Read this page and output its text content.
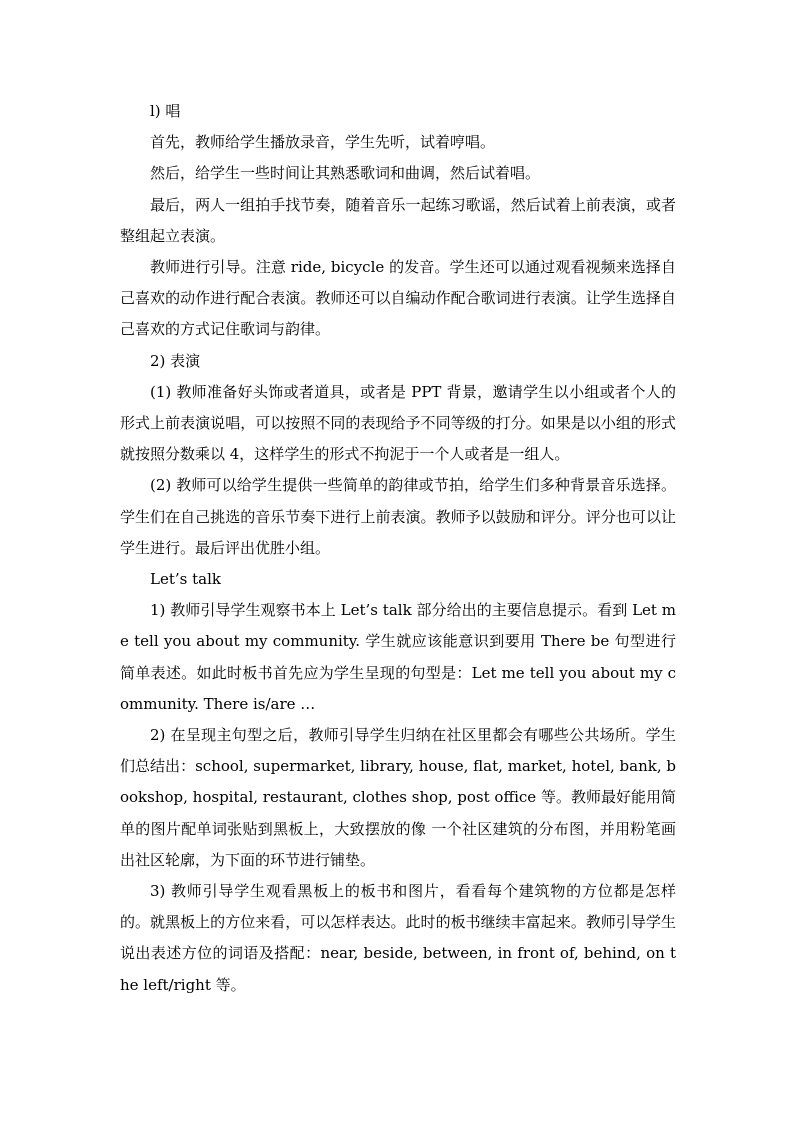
l) 唱

首先，教师给学生播放录音，学生先听，试着哼唱。

然后，给学生一些时间让其熟悉歌词和曲调，然后试着唱。

最后，两人一组拍手找节奏，随着音乐一起练习歌谣，然后试着上前表演，或者整组起立表演。

教师进行引导。注意 ride, bicycle 的发音。学生还可以通过观看视频来选择自己喜欢的动作进行配合表演。教师还可以自编动作配合歌词进行表演。让学生选择自己喜欢的方式记住歌词与韵律。

2) 表演

(1) 教师准备好头饰或者道具，或者是 PPT 背景，邀请学生以小组或者个人的形式上前表演说唱，可以按照不同的表现给予不同等级的打分。如果是以小组的形式就按照分数乘以 4，这样学生的形式不拘泥于一个人或者是一组人。

(2) 教师可以给学生提供一些简单的韵律或节拍，给学生们多种背景音乐选择。学生们在自己挑选的音乐节奏下进行上前表演。教师予以鼓励和评分。评分也可以让学生进行。最后评出优胜小组。

Let’s talk

1) 教师引导学生观察书本上 Let’s talk 部分给出的主要信息提示。看到 Let me tell you about my community. 学生就应该能意识到要用 There be 句型进行简单表述。如此时板书首先应为学生呈现的句型是：Let me tell you about my community. There is/are …

2) 在呈现主句型之后，教师引导学生归纳在社区里都会有哪些公共场所。学生们总结出：school, supermarket, library, house, flat, market, hotel, bank, bookshop, hospital, restaurant, clothes shop, post office 等。教师最好能用简单的图片配单词张贴到黑板上，大致摆放的像 一个社区建筑的分布图，并用粉笔画出社区轮廓，为下面的环节进行铺垫。

3) 教师引导学生观看黑板上的板书和图片，看看每个建筑物的方位都是怎样的。就黑板上的方位来看，可以怎样表达。此时的板书继续丰富起来。教师引导学生说出表述方位的词语及搭配：near, beside, between, in front of, behind, on the left/right 等。
